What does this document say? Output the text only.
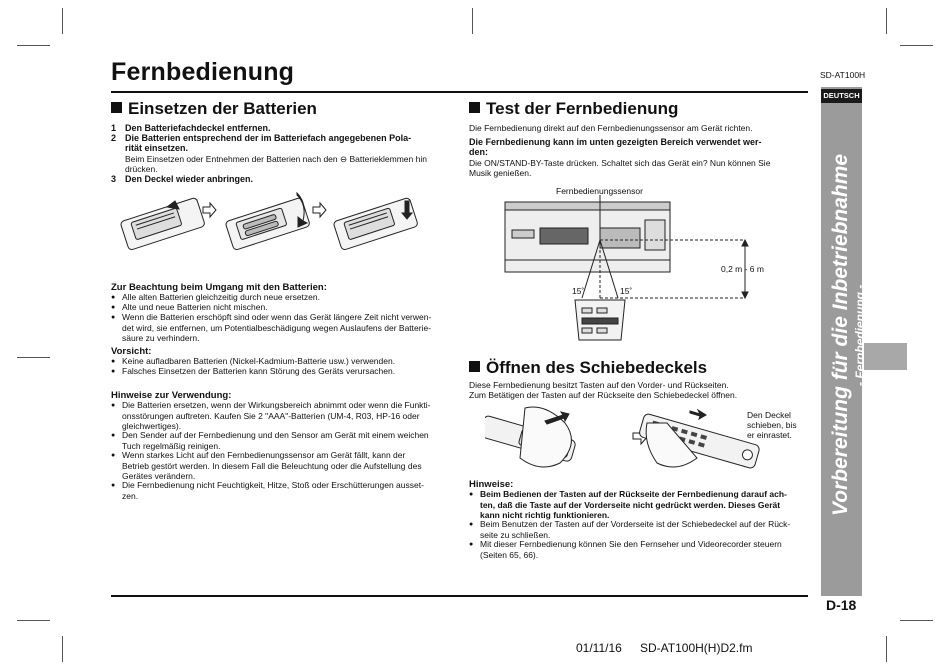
Fernbedienung	SD-AT100H
DEUTSCH
Vorbereitung für die Inbetriebnahme - Fernbedienung -
Einsetzen der Batterien
1 Den Batteriefachdeckel entfernen.
2 Die Batterien entsprechend der im Batteriefach angegebenen Pola-
rität einsetzen.
Beim Einsetzen oder Entnehmen der Batterien nach den ⊖ Batterieklemmen hin
drücken.
3 Den Deckel wieder anbringen.
Zur Beachtung beim Umgang mit den Batterien:
● Alle alten Batterien gleichzeitig durch neue ersetzen.
● Alte und neue Batterien nicht mischen.
● Wenn die Batterien erschöpft sind oder wenn das Gerät längere Zeit nicht verwen-
det wird, sie entfernen, um Potentialbeschädigung wegen Auslaufens der Batterie-
säure zu verhindern.
Vorsicht:
● Keine aufladbaren Batterien (Nickel-Kadmium-Batterie usw.) verwenden.
● Falsches Einsetzen der Batterien kann Störung des Geräts verursachen.
Hinweise zur Verwendung:
● Die Batterien ersetzen, wenn der Wirkungsbereich abnimmt oder wenn die Funkti-
onsstörungen auftreten. Kaufen Sie 2 "AAA"-Batterien (UM-4, R03, HP-16 oder
gleichwertiges).
● Den Sender auf der Fernbedienung und den Sensor am Gerät mit einem weichen
Tuch regelmäßig reinigen.
● Wenn starkes Licht auf den Fernbedienungssensor am Gerät fällt, kann der
Betrieb gestört werden. In diesem Fall die Beleuchtung oder die Aufstellung des
Gerätes verändern.
● Die Fernbedienung nicht Feuchtigkeit, Hitze, Stoß oder Erschütterungen ausset-
zen.
Test der Fernbedienung
Die Fernbedienung direkt auf den Fernbedienungssensor am Gerät richten.
Die Fernbedienung kann im unten gezeigten Bereich verwendet wer-
den:
Die ON/STAND-BY-Taste drücken. Schaltet sich das Gerät ein? Nun können Sie
Musik genießen.
Fernbedienungssensor
0,2 m - 6 m
15˚	15˚
Öffnen des Schiebedeckels
Diese Fernbedienung besitzt Tasten auf den Vorder- und Rückseiten.
Zum Betätigen der Tasten auf der Rückseite den Schiebedeckel öffnen.
Den Deckel
schieben, bis
er einrastet.
Hinweise:
● Beim Bedienen der Tasten auf der Rückseite der Fernbedienung darauf ach-
ten, daß die Taste auf der Vorderseite nicht gedrückt werden. Dieses Gerät
kann nicht richtig funktionieren.
● Beim Benutzen der Tasten auf der Vorderseite ist der Schiebedeckel auf der Rück-
seite zu schließen.
● Mit dieser Fernbedienung können Sie den Fernseher und Videorecorder steuern
(Seiten 65, 66).
D-18
01/11/16 SD-AT100H(H)D2.fm
